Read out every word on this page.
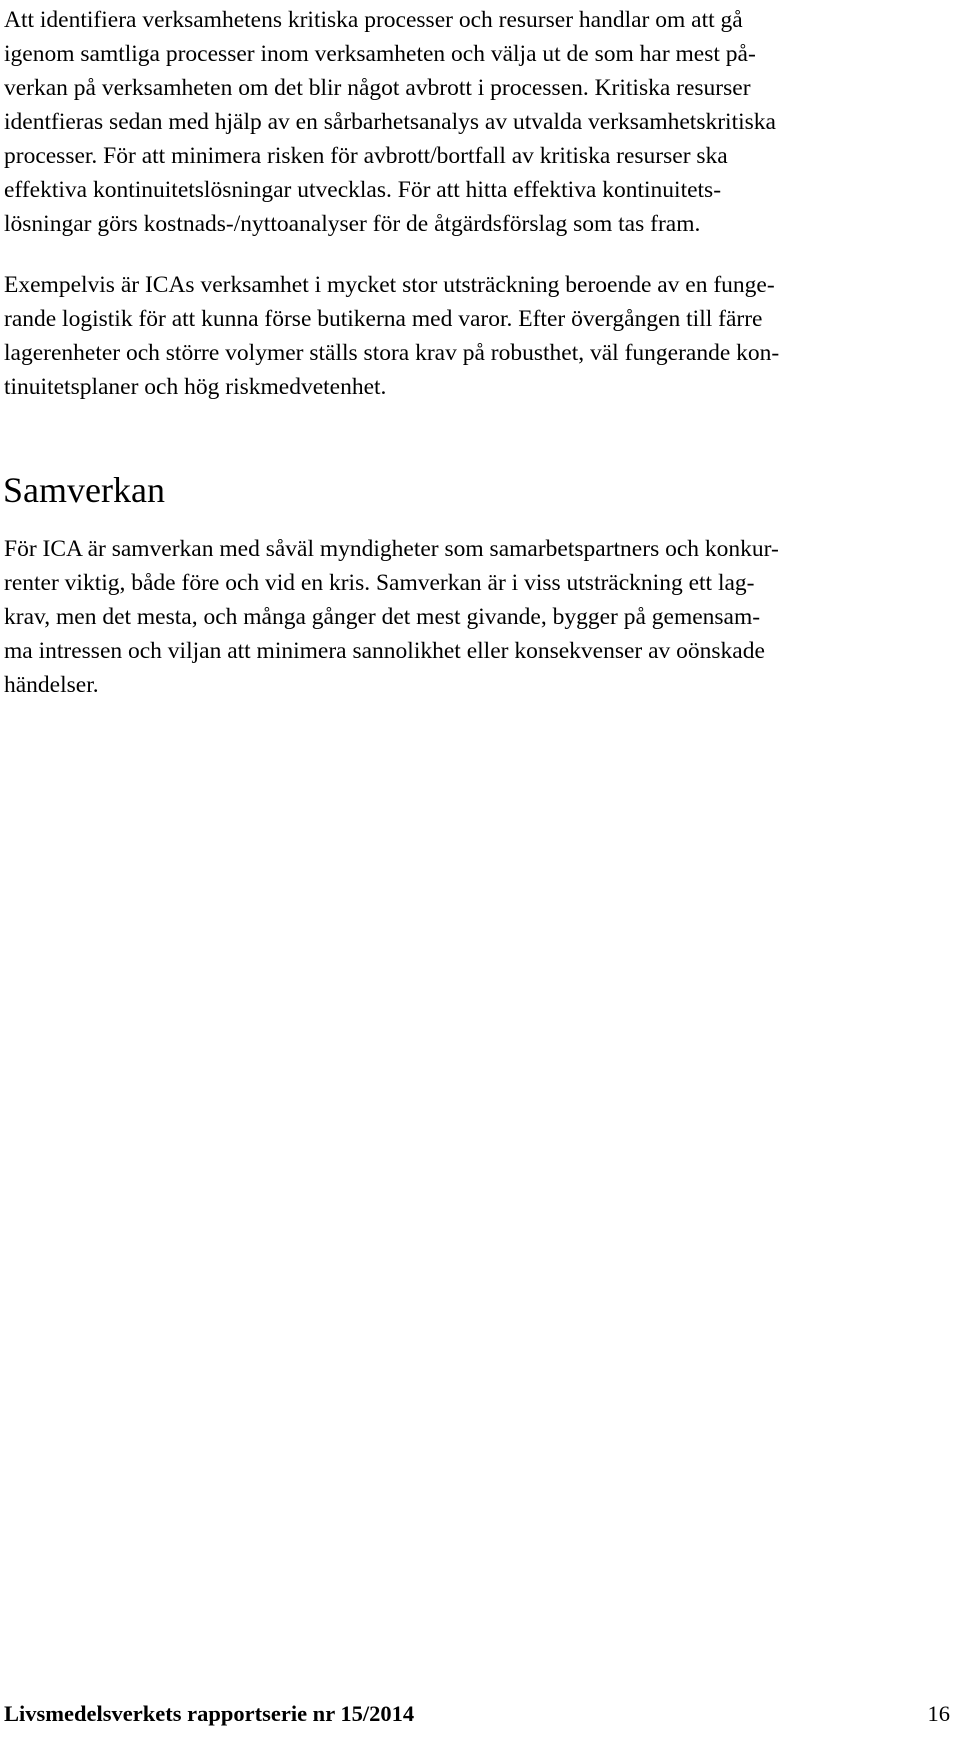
Att identifiera verksamhetens kritiska processer och resurser handlar om att gå
igenom samtliga processer inom verksamheten och välja ut de som har mest på-
verkan på verksamheten om det blir något avbrott i processen. Kritiska resurser
identfieras sedan med hjälp av en sårbarhetsanalys av utvalda verksamhetskritiska
processer. För att minimera risken för avbrott/bortfall av kritiska resurser ska
effektiva kontinuitetslösningar utvecklas. För att hitta effektiva kontinuitets-
lösningar görs kostnads-/nyttoanalyser för de åtgärdsförslag som tas fram.
Exempelvis är ICAs verksamhet i mycket stor utsträckning beroende av en funge-
rande logistik för att kunna förse butikerna med varor. Efter övergången till färre
lagerenheter och större volymer ställs stora krav på robusthet, väl fungerande kon-
tinuitetsplaner och hög riskmedvetenhet.
Samverkan
För ICA är samverkan med såväl myndigheter som samarbetspartners och konkur-
renter viktig, både före och vid en kris. Samverkan är i viss utsträckning ett lag-
krav, men det mesta, och många gånger det mest givande, bygger på gemensam-
ma intressen och viljan att minimera sannolikhet eller konsekvenser av oönskade
händelser.
Livsmedelsverkets rapportserie nr 15/2014	16
